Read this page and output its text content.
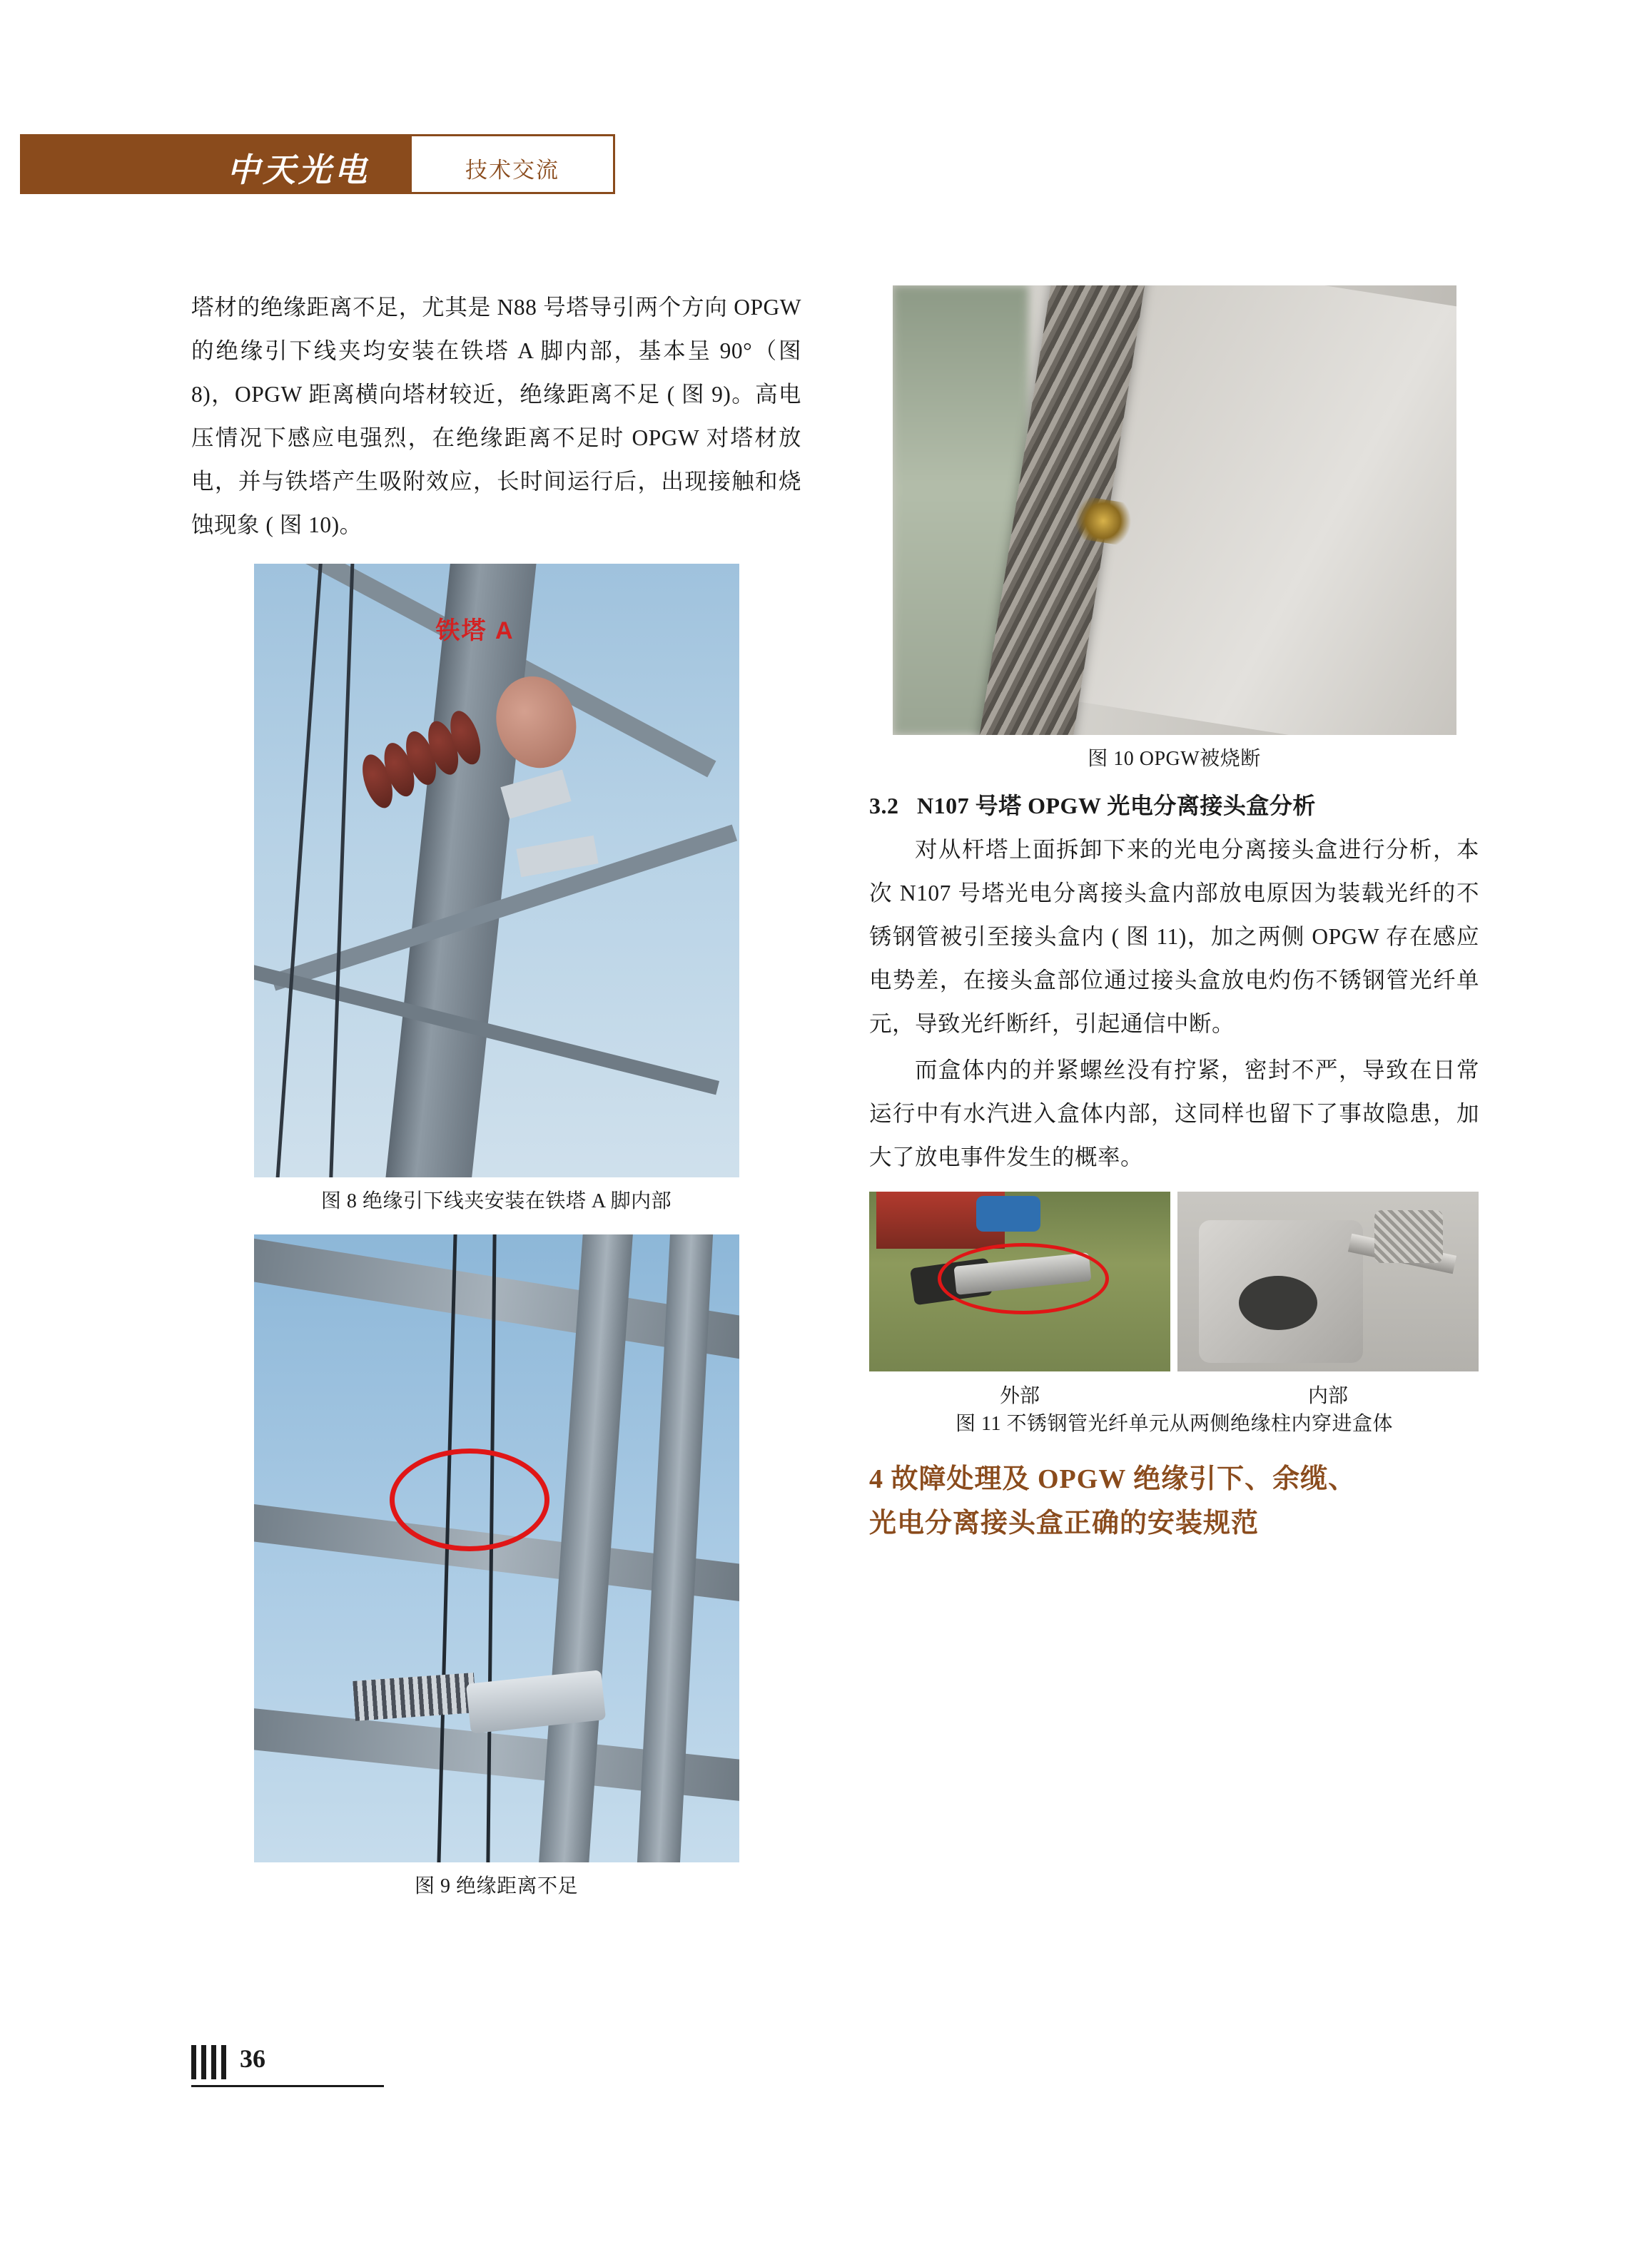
中天光电	技术交流

塔材的绝缘距离不足，尤其是 N88 号塔导引两个方向 OPGW 的绝缘引下线夹均安装在铁塔 A 脚内部，基本呈 90°（图 8)，OPGW 距离横向塔材较近，绝缘距离不足 ( 图 9)。高电压情况下感应电强烈，在绝缘距离不足时 OPGW 对塔材放电，并与铁塔产生吸附效应，长时间运行后，出现接触和烧蚀现象 ( 图 10)。

铁塔 A
图 8 绝缘引下线夹安装在铁塔 A 脚内部
图 9 绝缘距离不足
图 10 OPGW被烧断
3.2 N107 号塔 OPGW 光电分离接头盒分析

对从杆塔上面拆卸下来的光电分离接头盒进行分析，本次 N107 号塔光电分离接头盒内部放电原因为装载光纤的不锈钢管被引至接头盒内 ( 图 11)，加之两侧 OPGW 存在感应电势差，在接头盒部位通过接头盒放电灼伤不锈钢管光纤单元，导致光纤断纤，引起通信中断。

而盒体内的并紧螺丝没有拧紧，密封不严，导致在日常运行中有水汽进入盒体内部，这同样也留下了事故隐患，加大了放电事件发生的概率。

外部	内部
图 11 不锈钢管光纤单元从两侧绝缘柱内穿进盒体
4 故障处理及 OPGW 绝缘引下、余缆、
光电分离接头盒正确的安装规范
36
